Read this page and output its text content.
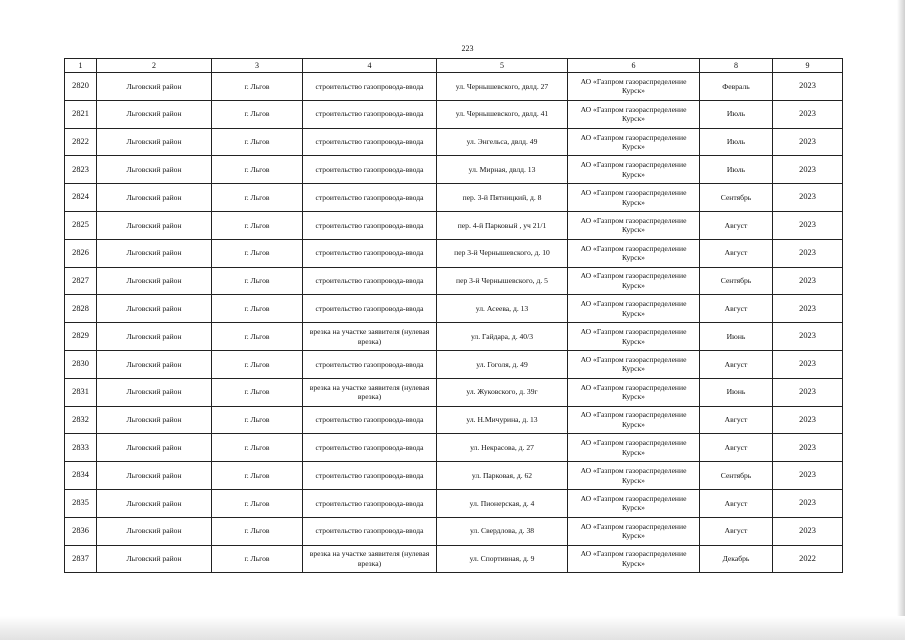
223
1	2	3	4	5	6	8	9
2820	Льговский район	г. Льгов	строительство газопровода-ввода	ул. Чернышевского, двлд. 27	АО «Газпром газораспределение Курск»	Февраль	2023
2821	Льговский район	г. Льгов	строительство газопровода-ввода	ул. Чернышевского, двлд. 41	АО «Газпром газораспределение Курск»	Июль	2023
2822	Льговский район	г. Льгов	строительство газопровода-ввода	ул. Энгельса, двлд. 49	АО «Газпром газораспределение Курск»	Июль	2023
2823	Льговский район	г. Льгов	строительство газопровода-ввода	ул. Мирная, двлд. 13	АО «Газпром газораспределение Курск»	Июль	2023
2824	Льговский район	г. Льгов	строительство газопровода-ввода	пер. 3-й Пятницкий, д. 8	АО «Газпром газораспределение Курск»	Сентябрь	2023
2825	Льговский район	г. Льгов	строительство газопровода-ввода	пер. 4-й Парковый , уч 21/1	АО «Газпром газораспределение Курск»	Август	2023
2826	Льговский район	г. Льгов	строительство газопровода-ввода	пер 3-й Чернышевского, д. 10	АО «Газпром газораспределение Курск»	Август	2023
2827	Льговский район	г. Льгов	строительство газопровода-ввода	пер 3-й Чернышевского, д. 5	АО «Газпром газораспределение Курск»	Сентябрь	2023
2828	Льговский район	г. Льгов	строительство газопровода-ввода	ул. Асеева, д. 13	АО «Газпром газораспределение Курск»	Август	2023
2829	Льговский район	г. Льгов	врезка на участке заявителя (нулевая врезка)	ул. Гайдара, д. 40/3	АО «Газпром газораспределение Курск»	Июнь	2023
2830	Льговский район	г. Льгов	строительство газопровода-ввода	ул. Гоголя, д. 49	АО «Газпром газораспределение Курск»	Август	2023
2831	Льговский район	г. Льгов	врезка на участке заявителя (нулевая врезка)	ул. Жуковского, д. 39г	АО «Газпром газораспределение Курск»	Июнь	2023
2832	Льговский район	г. Льгов	строительство газопровода-ввода	ул. Н.Мичурина, д. 13	АО «Газпром газораспределение Курск»	Август	2023
2833	Льговский район	г. Льгов	строительство газопровода-ввода	ул. Некрасова, д. 27	АО «Газпром газораспределение Курск»	Август	2023
2834	Льговский район	г. Льгов	строительство газопровода-ввода	ул. Парковая, д. 62	АО «Газпром газораспределение Курск»	Сентябрь	2023
2835	Льговский район	г. Льгов	строительство газопровода-ввода	ул. Пионерская, д. 4	АО «Газпром газораспределение Курск»	Август	2023
2836	Льговский район	г. Льгов	строительство газопровода-ввода	ул. Свердлова, д. 38	АО «Газпром газораспределение Курск»	Август	2023
2837	Льговский район	г. Льгов	врезка на участке заявителя (нулевая врезка)	ул. Спортивная, д. 9	АО «Газпром газораспределение Курск»	Декабрь	2022
